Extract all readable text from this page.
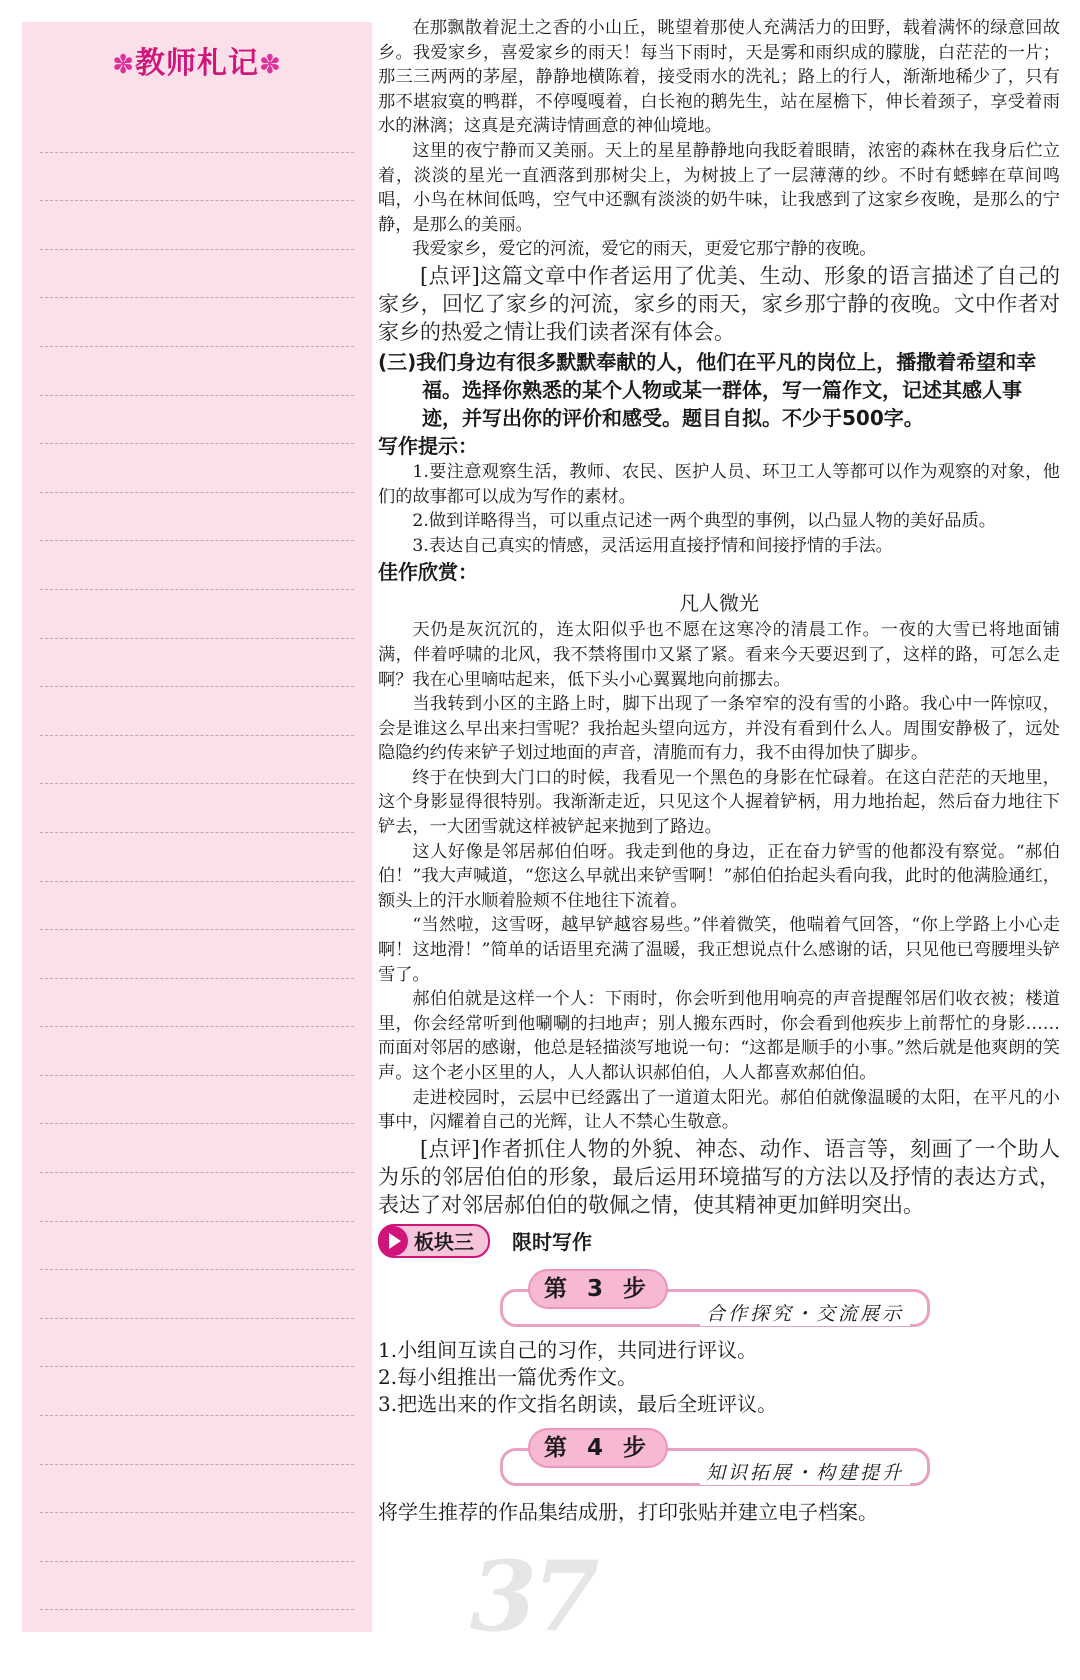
✽教师札记✽
37

在那飘散着泥土之香的小山丘，眺望着那使人充满活力的田野，载着满怀的绿意回故乡。我爱家乡，喜爱家乡的雨天！每当下雨时，天是雾和雨织成的朦胧，白茫茫的一片；那三三两两的茅屋，静静地横陈着，接受雨水的洗礼；路上的行人，渐渐地稀少了，只有那不堪寂寞的鸭群，不停嘎嘎着，白长袍的鹅先生，站在屋檐下，伸长着颈子，享受着雨水的淋漓；这真是充满诗情画意的神仙境地。

这里的夜宁静而又美丽。天上的星星静静地向我眨着眼睛，浓密的森林在我身后伫立着，淡淡的星光一直洒落到那树尖上，为树披上了一层薄薄的纱。不时有蟋蟀在草间鸣唱，小鸟在林间低鸣，空气中还飘有淡淡的奶牛味，让我感到了这家乡夜晚，是那么的宁静，是那么的美丽。

我爱家乡，爱它的河流，爱它的雨天，更爱它那宁静的夜晚。

[点评]这篇文章中作者运用了优美、生动、形象的语言描述了自己的家乡，回忆了家乡的河流，家乡的雨天，家乡那宁静的夜晚。文中作者对家乡的热爱之情让我们读者深有体会。

(三)我们身边有很多默默奉献的人，他们在平凡的岗位上，播撒着希望和幸福。选择你熟悉的某个人物或某一群体，写一篇作文，记述其感人事迹，并写出你的评价和感受。题目自拟。不少于500字。

写作提示：

1.要注意观察生活，教师、农民、医护人员、环卫工人等都可以作为观察的对象，他们的故事都可以成为写作的素材。

2.做到详略得当，可以重点记述一两个典型的事例，以凸显人物的美好品质。

3.表达自己真实的情感，灵活运用直接抒情和间接抒情的手法。

佳作欣赏：

凡人微光

天仍是灰沉沉的，连太阳似乎也不愿在这寒冷的清晨工作。一夜的大雪已将地面铺满，伴着呼啸的北风，我不禁将围巾又紧了紧。看来今天要迟到了，这样的路，可怎么走啊？我在心里嘀咕起来，低下头小心翼翼地向前挪去。

当我转到小区的主路上时，脚下出现了一条窄窄的没有雪的小路。我心中一阵惊叹，会是谁这么早出来扫雪呢？我抬起头望向远方，并没有看到什么人。周围安静极了，远处隐隐约约传来铲子划过地面的声音，清脆而有力，我不由得加快了脚步。

终于在快到大门口的时候，我看见一个黑色的身影在忙碌着。在这白茫茫的天地里，这个身影显得很特别。我渐渐走近，只见这个人握着铲柄，用力地抬起，然后奋力地往下铲去，一大团雪就这样被铲起来抛到了路边。

这人好像是邻居郝伯伯呀。我走到他的身边，正在奋力铲雪的他都没有察觉。“郝伯伯！”我大声喊道，“您这么早就出来铲雪啊！”郝伯伯抬起头看向我，此时的他满脸通红，额头上的汗水顺着脸颊不住地往下流着。

“当然啦，这雪呀，越早铲越容易些。”伴着微笑，他喘着气回答，“你上学路上小心走啊！这地滑！”简单的话语里充满了温暖，我正想说点什么感谢的话，只见他已弯腰埋头铲雪了。

郝伯伯就是这样一个人：下雨时，你会听到他用响亮的声音提醒邻居们收衣被；楼道里，你会经常听到他唰唰的扫地声；别人搬东西时，你会看到他疾步上前帮忙的身影……而面对邻居的感谢，他总是轻描淡写地说一句：“这都是顺手的小事。”然后就是他爽朗的笑声。这个老小区里的人，人人都认识郝伯伯，人人都喜欢郝伯伯。

走进校园时，云层中已经露出了一道道太阳光。郝伯伯就像温暖的太阳，在平凡的小事中，闪耀着自己的光辉，让人不禁心生敬意。

[点评]作者抓住人物的外貌、神态、动作、语言等，刻画了一个助人为乐的邻居伯伯的形象，最后运用环境描写的方法以及抒情的表达方式，表达了对邻居郝伯伯的敬佩之情，使其精神更加鲜明突出。

板块三 限时写作
第 3 步
合作探究・交流展示

1.小组间互读自己的习作，共同进行评议。

2.每小组推出一篇优秀作文。

3.把选出来的作文指名朗读，最后全班评议。

第 4 步
知识拓展・构建提升

将学生推荐的作品集结成册，打印张贴并建立电子档案。
